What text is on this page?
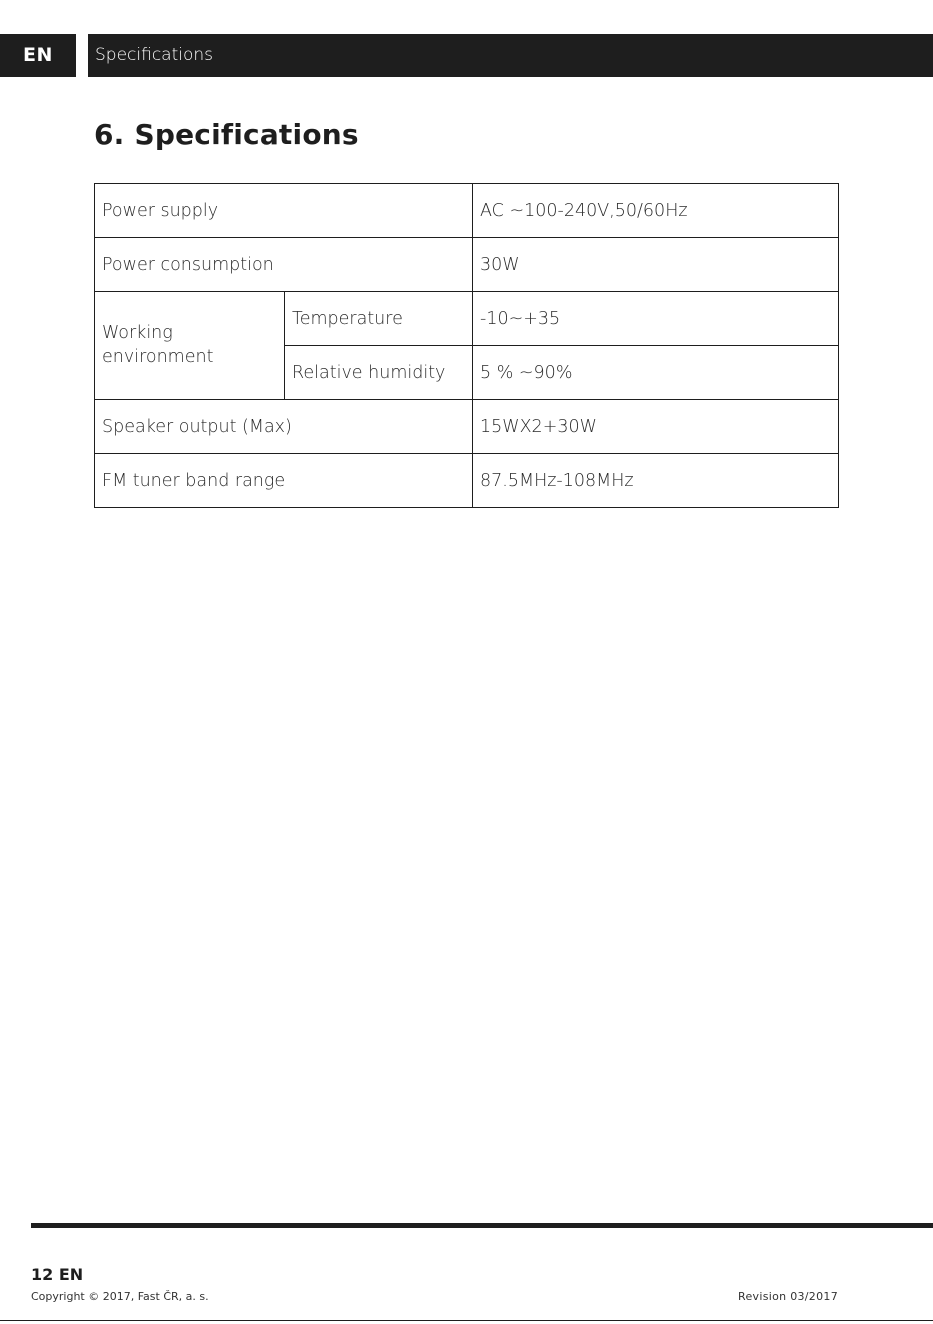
EN	Specifications
6. Specifications
Power supply		AC ~100-240V,50/60Hz
Power consumption		30W
Working environment	Temperature	-10~+35
	Relative humidity	5 % ~90%
Speaker output (Max)		15WX2+30W
FM tuner band range		87.5MHz-108MHz
12 EN
Copyright © 2017, Fast ČR, a. s.	Revision 03/2017
